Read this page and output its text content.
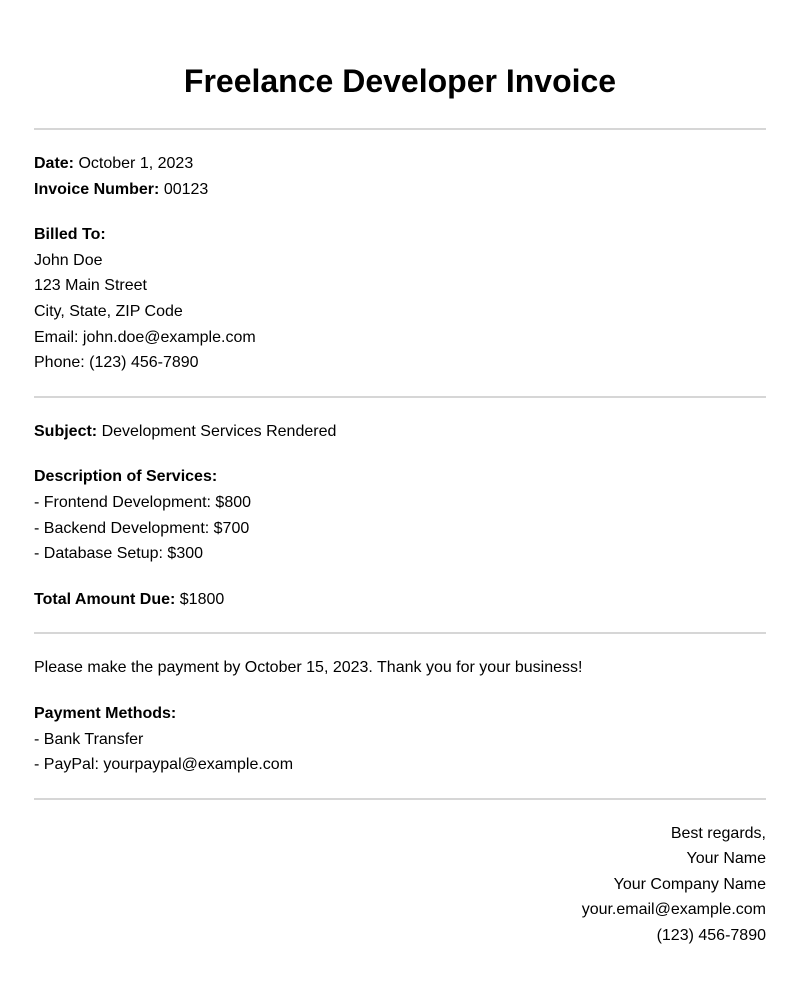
Freelance Developer Invoice
Date: October 1, 2023
Invoice Number: 00123
Billed To:
John Doe
123 Main Street
City, State, ZIP Code
Email: john.doe@example.com
Phone: (123) 456-7890
Subject: Development Services Rendered
Description of Services:
- Frontend Development: $800
- Backend Development: $700
- Database Setup: $300
Total Amount Due: $1800
Please make the payment by October 15, 2023. Thank you for your business!
Payment Methods:
- Bank Transfer
- PayPal: yourpaypal@example.com
Best regards,
Your Name
Your Company Name
your.email@example.com
(123) 456-7890
